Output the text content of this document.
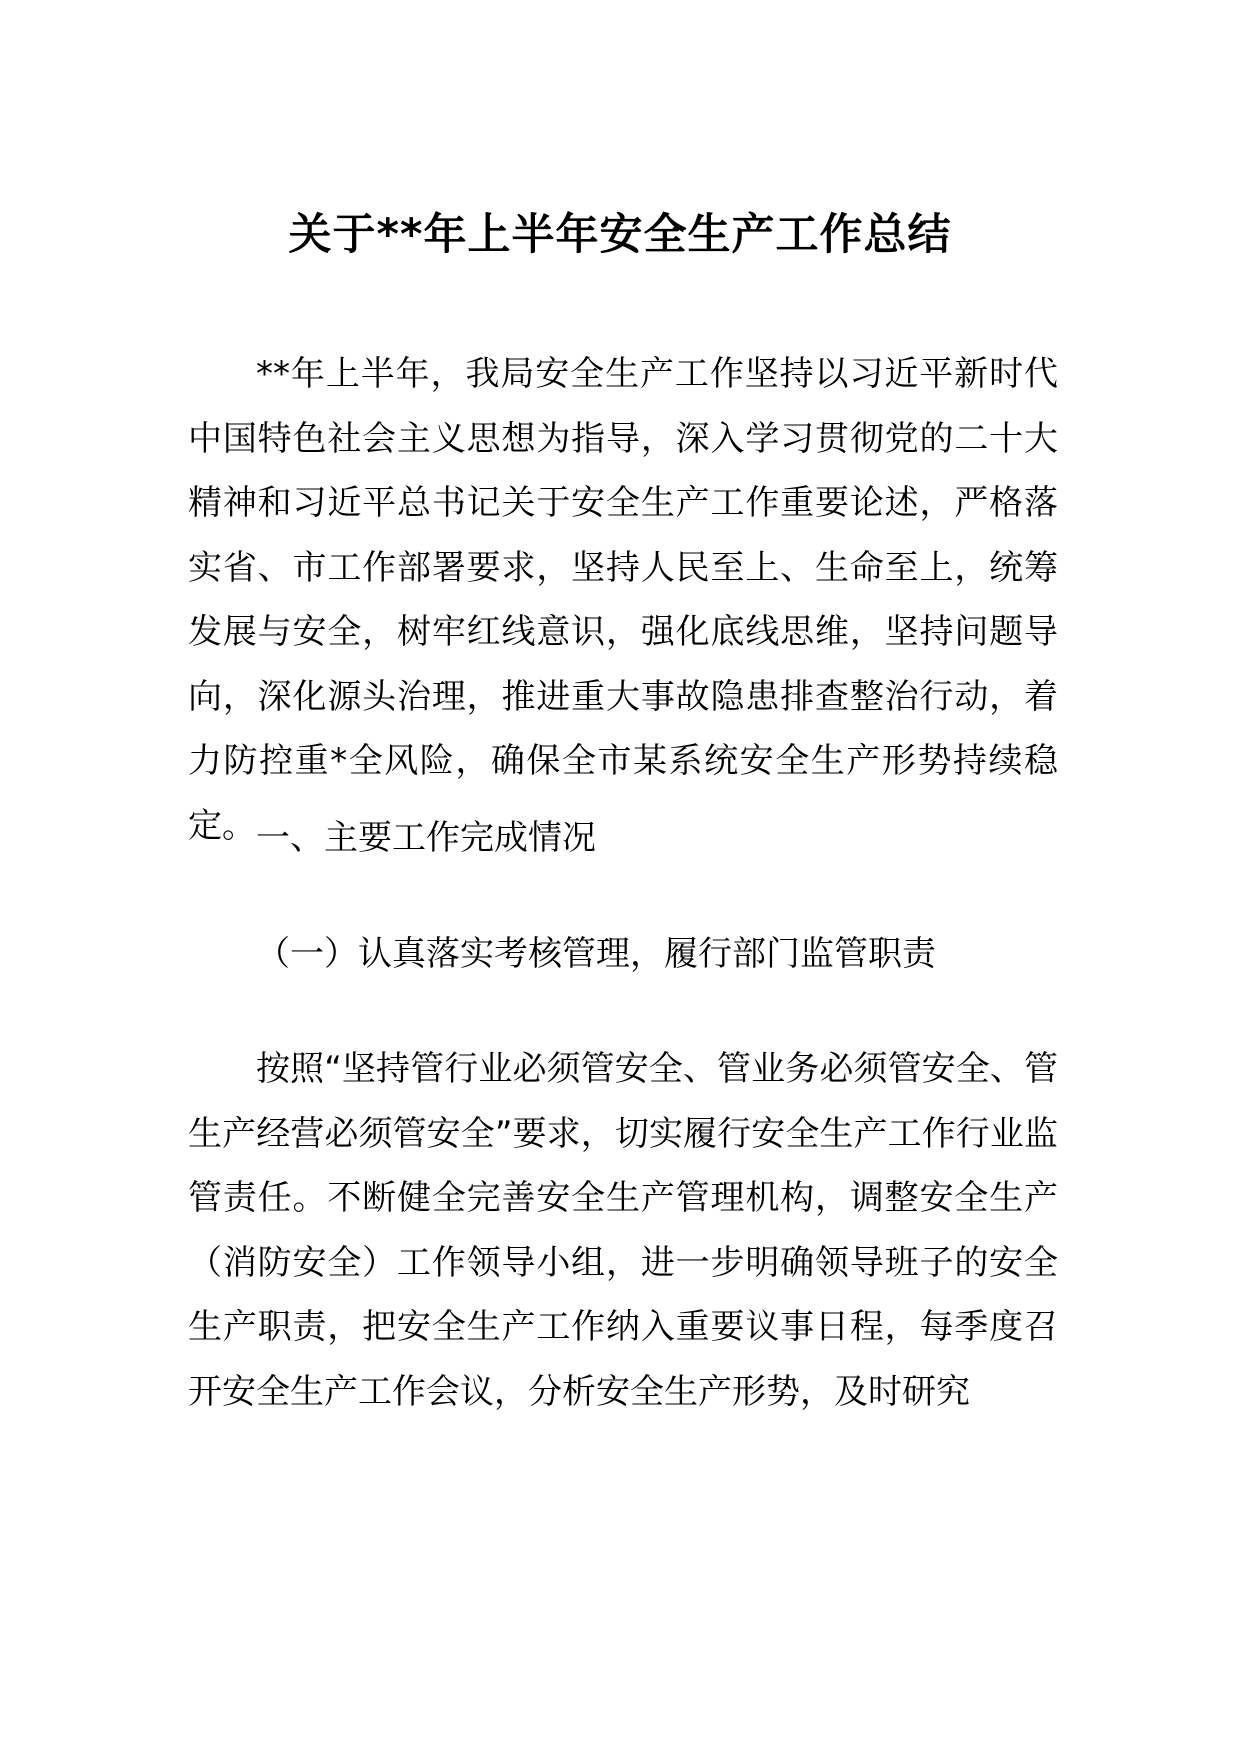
关于**年上半年安全生产工作总结

**年上半年，我局安全生产工作坚持以习近平新时代中国特色社会主义思想为指导，深入学习贯彻党的二十大精神和习近平总书记关于安全生产工作重要论述，严格落实省、市工作部署要求，坚持人民至上、生命至上，统筹发展与安全，树牢红线意识，强化底线思维，坚持问题导向，深化源头治理，推进重大事故隐患排查整治行动，着力防控重*全风险，确保全市某系统安全生产形势持续稳定。 一、主要工作完成情况
（一）认真落实考核管理，履行部门监管职责

按照“坚持管行业必须管安全、管业务必须管安全、管生产经营必须管安全”要求，切实履行安全生产工作行业监管责任。不断健全完善安全生产管理机构，调整安全生产（消防安全）工作领导小组，进一步明确领导班子的安全生产职责，把安全生产工作纳入重要议事日程，每季度召开安全生产工作会议，分析安全生产形势，及时研究
